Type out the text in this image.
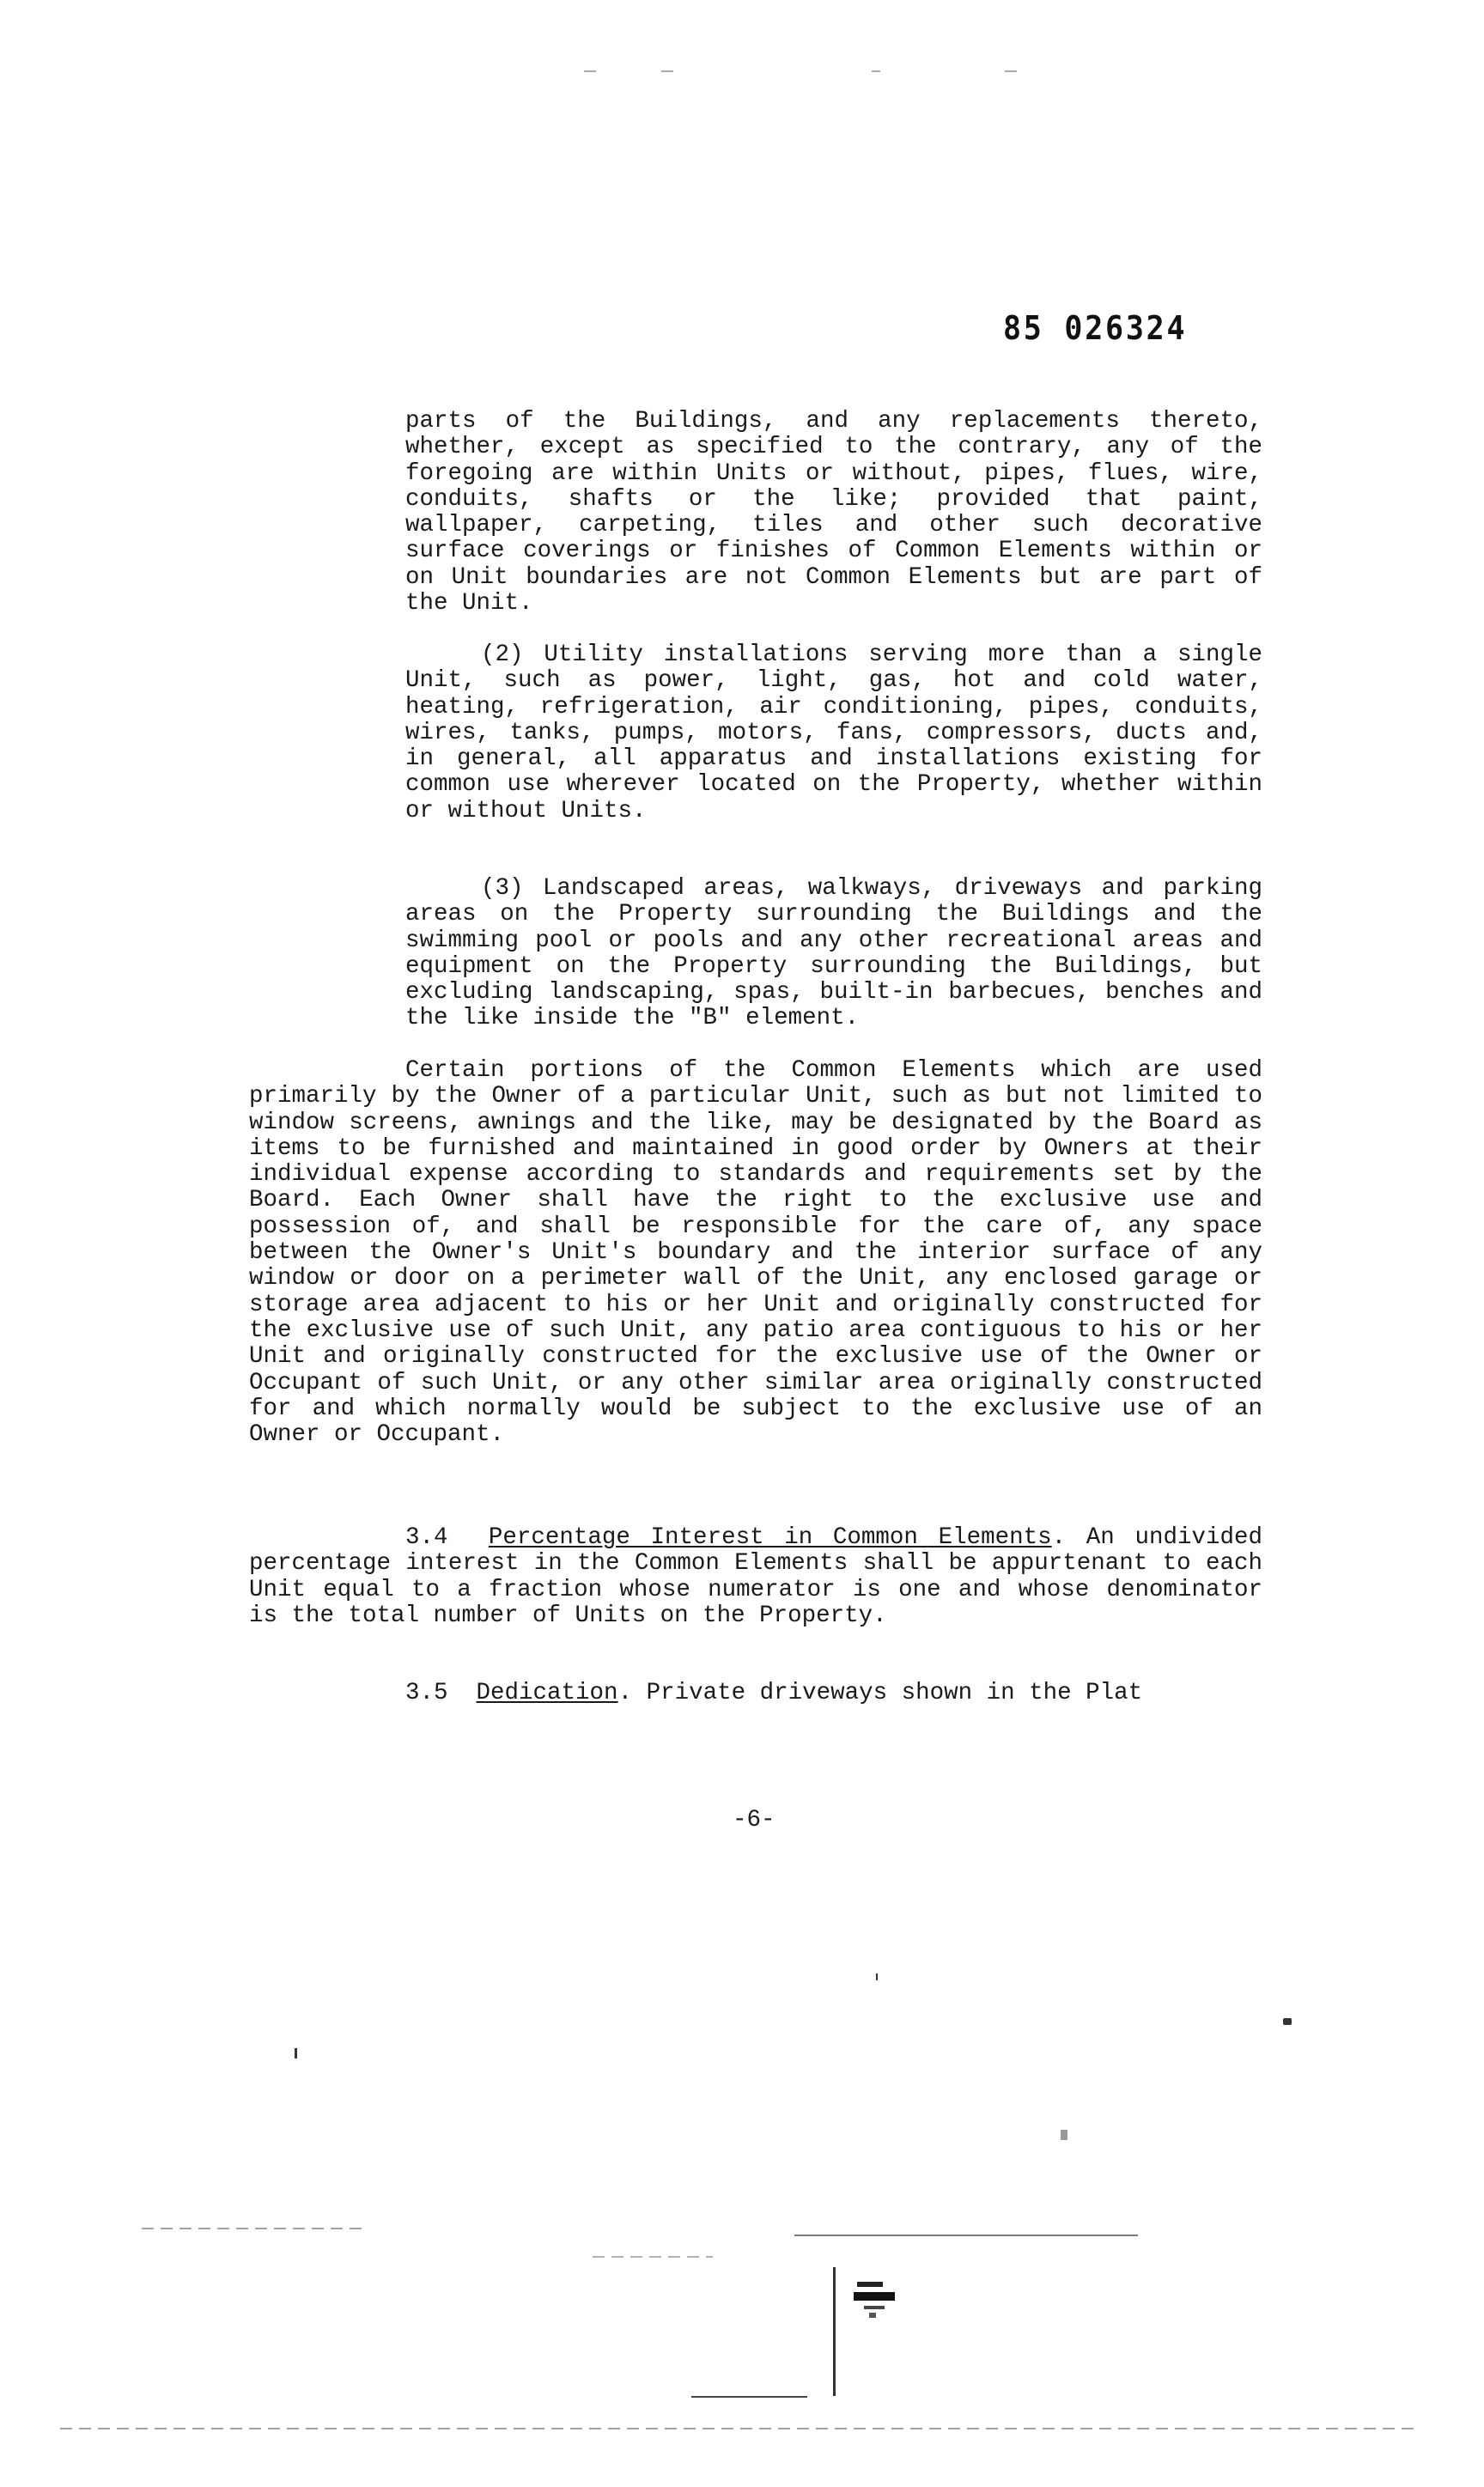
85 026324

parts of the Buildings, and any replacements thereto, whether, except as specified to the contrary, any of the foregoing are within Units or without, pipes, flues, wire, conduits, shafts or the like; provided that paint, wallpaper, carpeting, tiles and other such decorative surface coverings or finishes of Common Elements within or on Unit boundaries are not Common Elements but are part of the Unit.

(2) Utility installations serving more than a single Unit, such as power, light, gas, hot and cold water, heating, refrigeration, air conditioning, pipes, conduits, wires, tanks, pumps, motors, fans, compressors, ducts and, in general, all apparatus and installations existing for common use wherever located on the Property, whether within or without Units.

(3) Landscaped areas, walkways, driveways and parking areas on the Property surrounding the Buildings and the swimming pool or pools and any other recreational areas and equipment on the Property surrounding the Buildings, but excluding landscaping, spas, built-in barbecues, benches and the like inside the "B" element.

Certain portions of the Common Elements which are used primarily by the Owner of a particular Unit, such as but not limited to window screens, awnings and the like, may be designated by the Board as items to be furnished and maintained in good order by Owners at their individual expense according to standards and requirements set by the Board. Each Owner shall have the right to the exclusive use and possession of, and shall be responsible for the care of, any space between the Owner's Unit's boundary and the interior surface of any window or door on a perimeter wall of the Unit, any enclosed garage or storage area adjacent to his or her Unit and originally constructed for the exclusive use of such Unit, any patio area contiguous to his or her Unit and originally constructed for the exclusive use of the Owner or Occupant of such Unit, or any other similar area originally constructed for and which normally would be subject to the exclusive use of an Owner or Occupant.

3.4 Percentage Interest in Common Elements. An undivided percentage interest in the Common Elements shall be appurtenant to each Unit equal to a fraction whose numerator is one and whose denominator is the total number of Units on the Property.

3.5 Dedication. Private driveways shown in the Plat

-6-
